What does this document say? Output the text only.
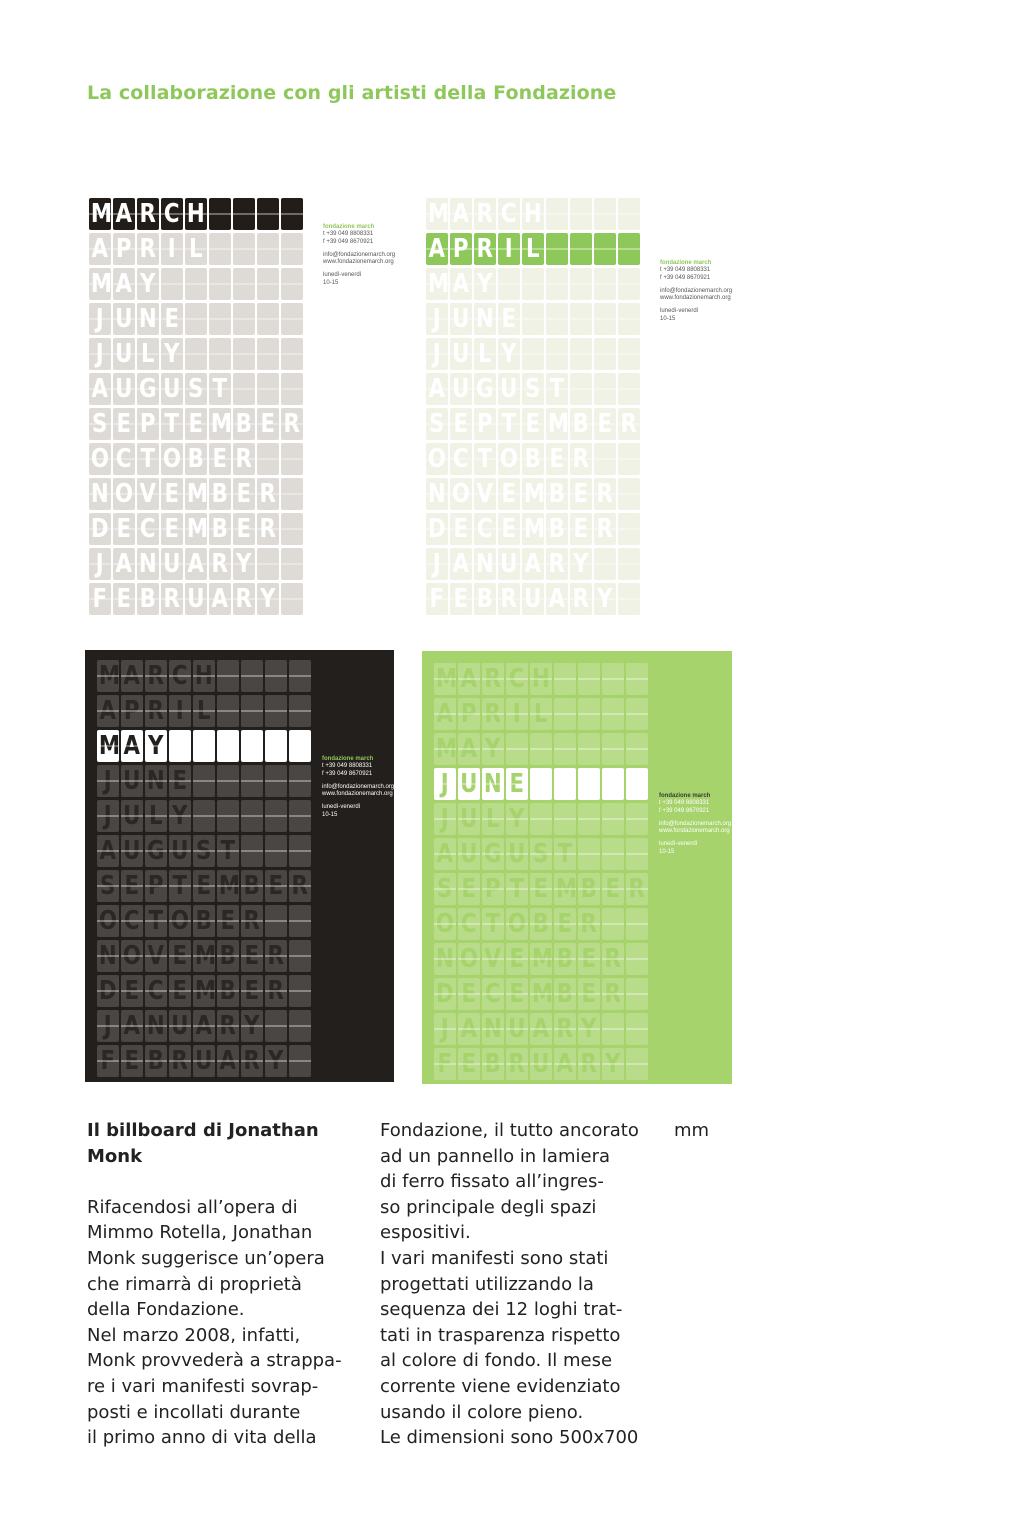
La collaborazione con gli artisti della Fondazione
M A R C H
A P R I L
M A Y
J U N E
J U L Y
A U G U S T
S E P T E M B E R
O C T O B E R
N O V E M B E R
D E C E M B E R
J A N U A R Y
F E B R U A R Y
fondazione march
t +39 049 8808331
f +39 049 8670921
info@fondazionemarch.org
www.fondazionemarch.org
lunedì-venerdì
10-15
M A R C H
A P R I L
M A Y
J U N E
J U L Y
A U G U S T
S E P T E M B E R
O C T O B E R
N O V E M B E R
D E C E M B E R
J A N U A R Y
F E B R U A R Y
fondazione march
t +39 049 8808331
f +39 049 8670921
info@fondazionemarch.org
www.fondazionemarch.org
lunedì-venerdì
10-15
M A R C H
A P R I L
M A Y
J U N E
J U L Y
A U G U S T
S E P T E M B E R
O C T O B E R
N O V E M B E R
D E C E M B E R
J A N U A R Y
F E B R U A R Y
fondazione march
t +39 049 8808331
f +39 049 8670921
info@fondazionemarch.org
www.fondazionemarch.org
lunedì-venerdì
10-15
M A R C H
A P R I L
M A Y
J U N E
J U L Y
A U G U S T
S E P T E M B E R
O C T O B E R
N O V E M B E R
D E C E M B E R
J A N U A R Y
F E B R U A R Y
fondazione march
t +39 049 8808331
f +39 049 8670921
info@fondazionemarch.org
www.fondazionemarch.org
lunedì-venerdì
10-15
Il billboard di Jonathan
Monk

Rifacendosi all’opera di

Mimmo Rotella, Jonathan

Monk suggerisce un’opera

che rimarrà di proprietà

della Fondazione.

Nel marzo 2008, infatti,

Monk provvederà a strappa-

re i vari manifesti sovrap-

posti e incollati durante

il primo anno di vita della

Fondazione, il tutto ancorato

ad un pannello in lamiera

di ferro fissato all’ingres-

so principale degli spazi

espositivi.

I vari manifesti sono stati

progettati utilizzando la

sequenza dei 12 loghi trat-

tati in trasparenza rispetto

al colore di fondo. Il mese

corrente viene evidenziato

usando il colore pieno.

Le dimensioni sono 500x700

mm
